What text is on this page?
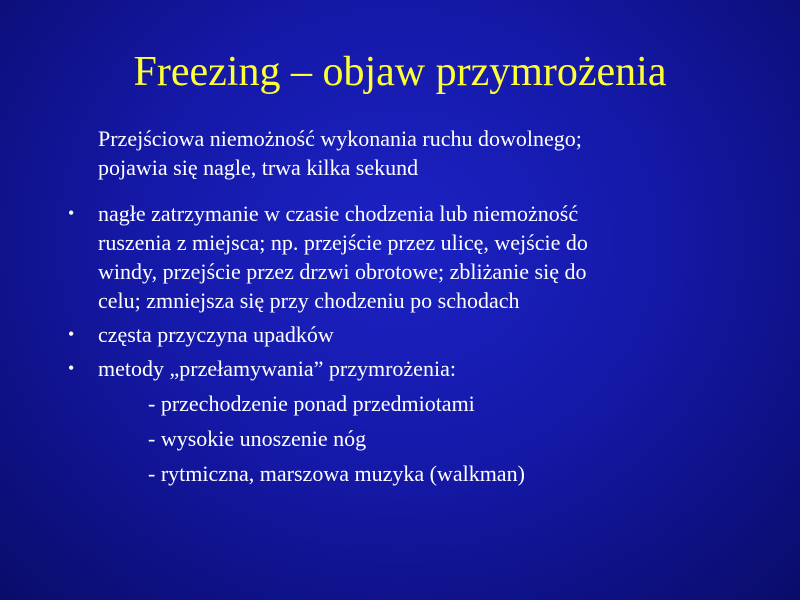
Freezing – objaw przymrożenia
Przejściowa niemożność wykonania ruchu dowolnego;
pojawia się nagle, trwa kilka sekund
•	nagłe zatrzymanie w czasie chodzenia lub niemożność
ruszenia z miejsca; np. przejście przez ulicę, wejście do
windy, przejście przez drzwi obrotowe; zbliżanie się do
celu; zmniejsza się przy chodzeniu po schodach
•	częsta przyczyna upadków
•	metody „przełamywania” przymrożenia:
- przechodzenie ponad przedmiotami
- wysokie unoszenie nóg
- rytmiczna, marszowa muzyka (walkman)
